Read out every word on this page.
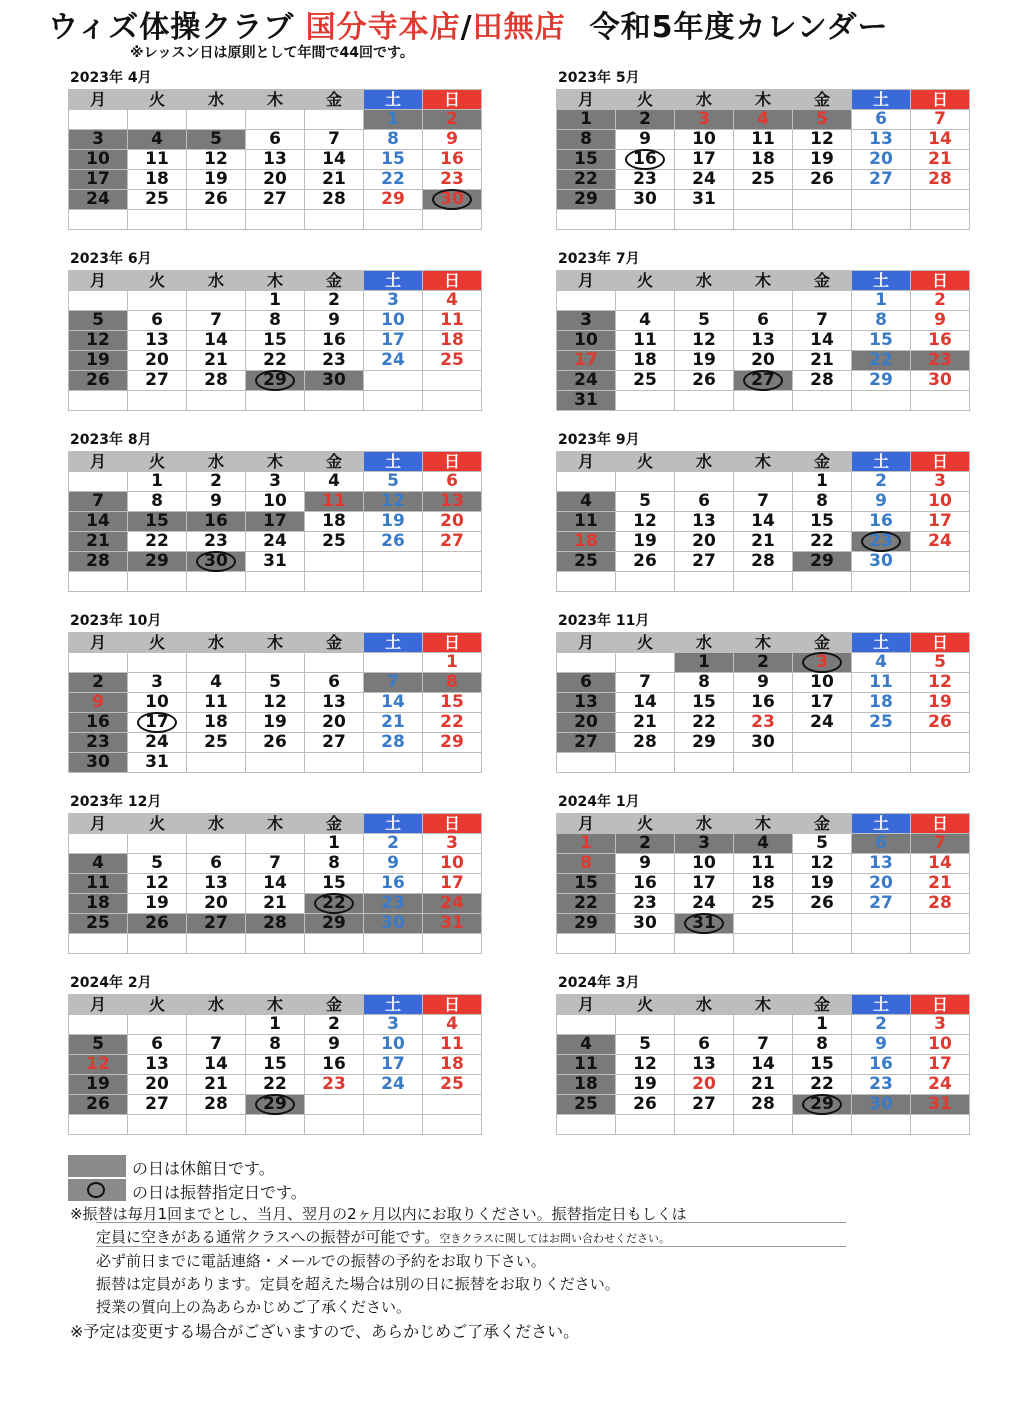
ウィズ体操クラブ 国分寺本店/田無店 令和5年度カレンダー
※レッスン日は原則として年間で44回です。
2023年 4月
月	火	水	木	金	土	日
					1	2
3	4	5	6	7	8	9
10	11	12	13	14	15	16
17	18	19	20	21	22	23
24	25	26	27	28	29	30

2023年 5月
月	火	水	木	金	土	日
1	2	3	4	5	6	7
8	9	10	11	12	13	14
15	16	17	18	19	20	21
22	23	24	25	26	27	28
29	30	31				

2023年 6月
月	火	水	木	金	土	日
			1	2	3	4
5	6	7	8	9	10	11
12	13	14	15	16	17	18
19	20	21	22	23	24	25
26	27	28	29	30		

2023年 7月
月	火	水	木	金	土	日
					1	2
3	4	5	6	7	8	9
10	11	12	13	14	15	16
17	18	19	20	21	22	23
24	25	26	27	28	29	30
31						
2023年 8月
月	火	水	木	金	土	日
	1	2	3	4	5	6
7	8	9	10	11	12	13
14	15	16	17	18	19	20
21	22	23	24	25	26	27
28	29	30	31			

2023年 9月
月	火	水	木	金	土	日
				1	2	3
4	5	6	7	8	9	10
11	12	13	14	15	16	17
18	19	20	21	22	23	24
25	26	27	28	29	30	

2023年 10月
月	火	水	木	金	土	日
						1
2	3	4	5	6	7	8
9	10	11	12	13	14	15
16	17	18	19	20	21	22
23	24	25	26	27	28	29
30	31					
2023年 11月
月	火	水	木	金	土	日
		1	2	3	4	5
6	7	8	9	10	11	12
13	14	15	16	17	18	19
20	21	22	23	24	25	26
27	28	29	30			

2023年 12月
月	火	水	木	金	土	日
				1	2	3
4	5	6	7	8	9	10
11	12	13	14	15	16	17
18	19	20	21	22	23	24
25	26	27	28	29	30	31

2024年 1月
月	火	水	木	金	土	日
1	2	3	4	5	6	7
8	9	10	11	12	13	14
15	16	17	18	19	20	21
22	23	24	25	26	27	28
29	30	31

2024年 2月
月	火	水	木	金	土	日
			1	2	3	4
5	6	7	8	9	10	11
12	13	14	15	16	17	18
19	20	21	22	23	24	25
26	27	28	29

2024年 3月
月	火	水	木	金	土	日
				1	2	3
4	5	6	7	8	9	10
11	12	13	14	15	16	17
18	19	20	21	22	23	24
25	26	27	28	29	30	31

の日は休館日です。
の日は振替指定日です。
※振替は毎月1回までとし、当月、翌月の2ヶ月以内にお取りください。振替指定日もしくは
定員に空きがある通常クラスへの振替が可能です。空きクラスに関してはお問い合わせください。
必ず前日までに電話連絡・メールでの振替の予約をお取り下さい。
振替は定員があります。定員を超えた場合は別の日に振替をお取りください。
授業の質向上の為あらかじめご了承ください。
※予定は変更する場合がございますので、あらかじめご了承ください。
